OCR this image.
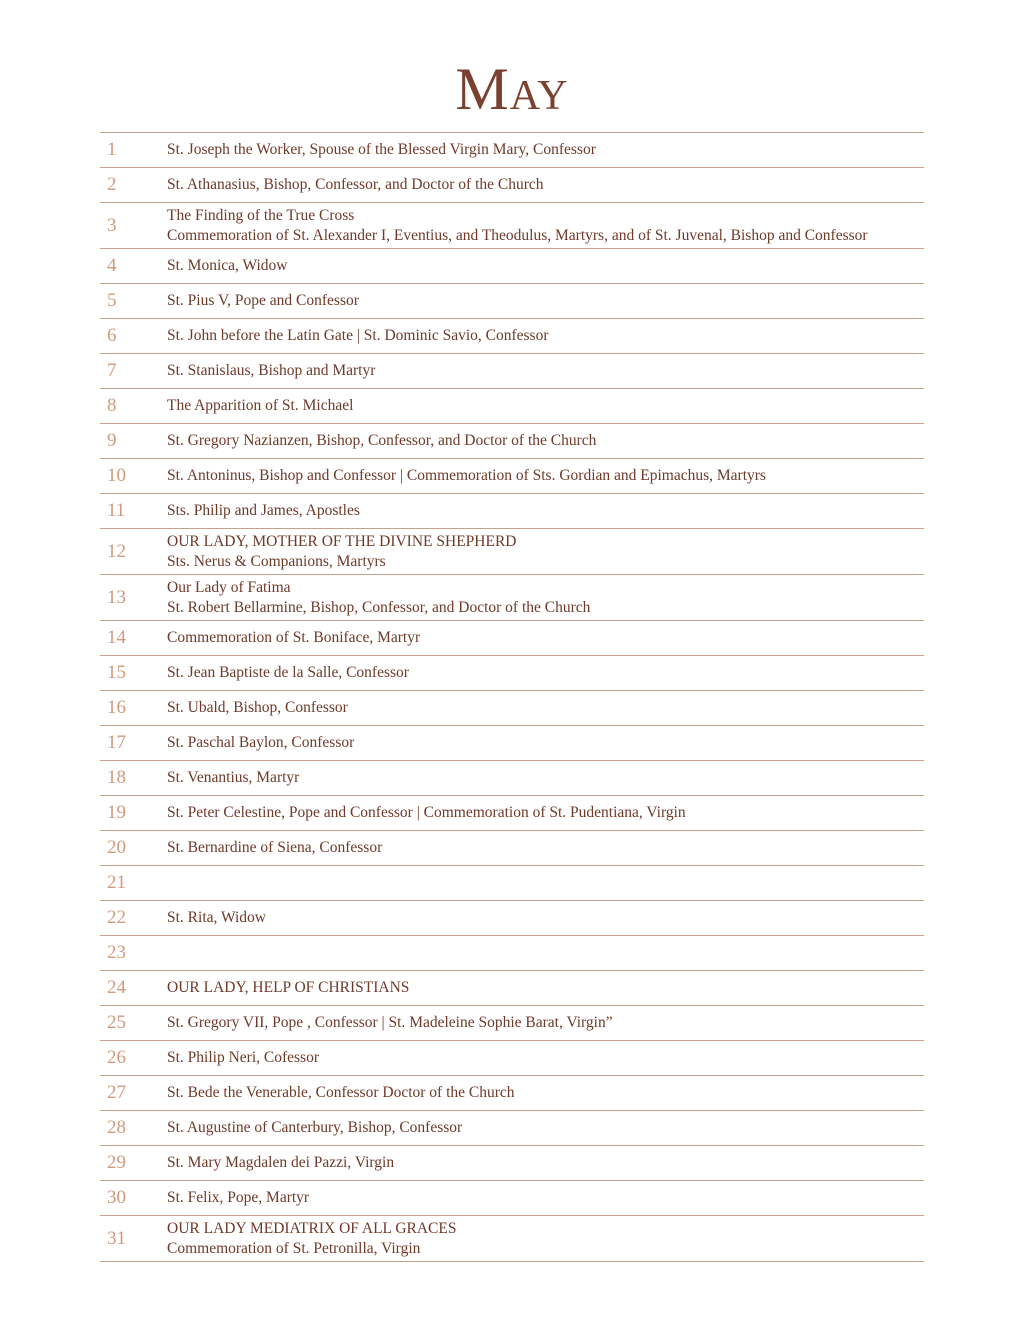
May
1	St. Joseph the Worker, Spouse of the Blessed Virgin Mary, Confessor
2	St. Athanasius, Bishop, Confessor, and Doctor of the Church
3	The Finding of the True Cross
Commemoration of St. Alexander I, Eventius, and Theodulus, Martyrs, and of St. Juvenal, Bishop and Confessor
4	St. Monica, Widow
5	St. Pius V, Pope and Confessor
6	St. John before the Latin Gate | St. Dominic Savio, Confessor
7	St. Stanislaus, Bishop and Martyr
8	The Apparition of St. Michael
9	St. Gregory Nazianzen, Bishop, Confessor, and Doctor of the Church
10	St. Antoninus, Bishop and Confessor | Commemoration of Sts. Gordian and Epimachus, Martyrs
11	Sts. Philip and James, Apostles
12	OUR LADY, MOTHER OF THE DIVINE SHEPHERD
Sts. Nerus & Companions, Martyrs
13	Our Lady of Fatima
St. Robert Bellarmine, Bishop, Confessor, and Doctor of the Church
14	Commemoration of St. Boniface, Martyr
15	St. Jean Baptiste de la Salle, Confessor
16	St. Ubald, Bishop, Confessor
17	St. Paschal Baylon, Confessor
18	St. Venantius, Martyr
19	St. Peter Celestine, Pope and Confessor | Commemoration of St. Pudentiana, Virgin
20	St. Bernardine of Siena, Confessor
21
22	St. Rita, Widow
23
24	OUR LADY, HELP OF CHRISTIANS
25	St. Gregory VII, Pope , Confessor | St. Madeleine Sophie Barat, Virgin”
26	St. Philip Neri, Cofessor
27	St. Bede the Venerable, Confessor Doctor of the Church
28	St. Augustine of Canterbury, Bishop, Confessor
29	St. Mary Magdalen dei Pazzi, Virgin
30	St. Felix, Pope, Martyr
31	OUR LADY MEDIATRIX OF ALL GRACES
Commemoration of St. Petronilla, Virgin
